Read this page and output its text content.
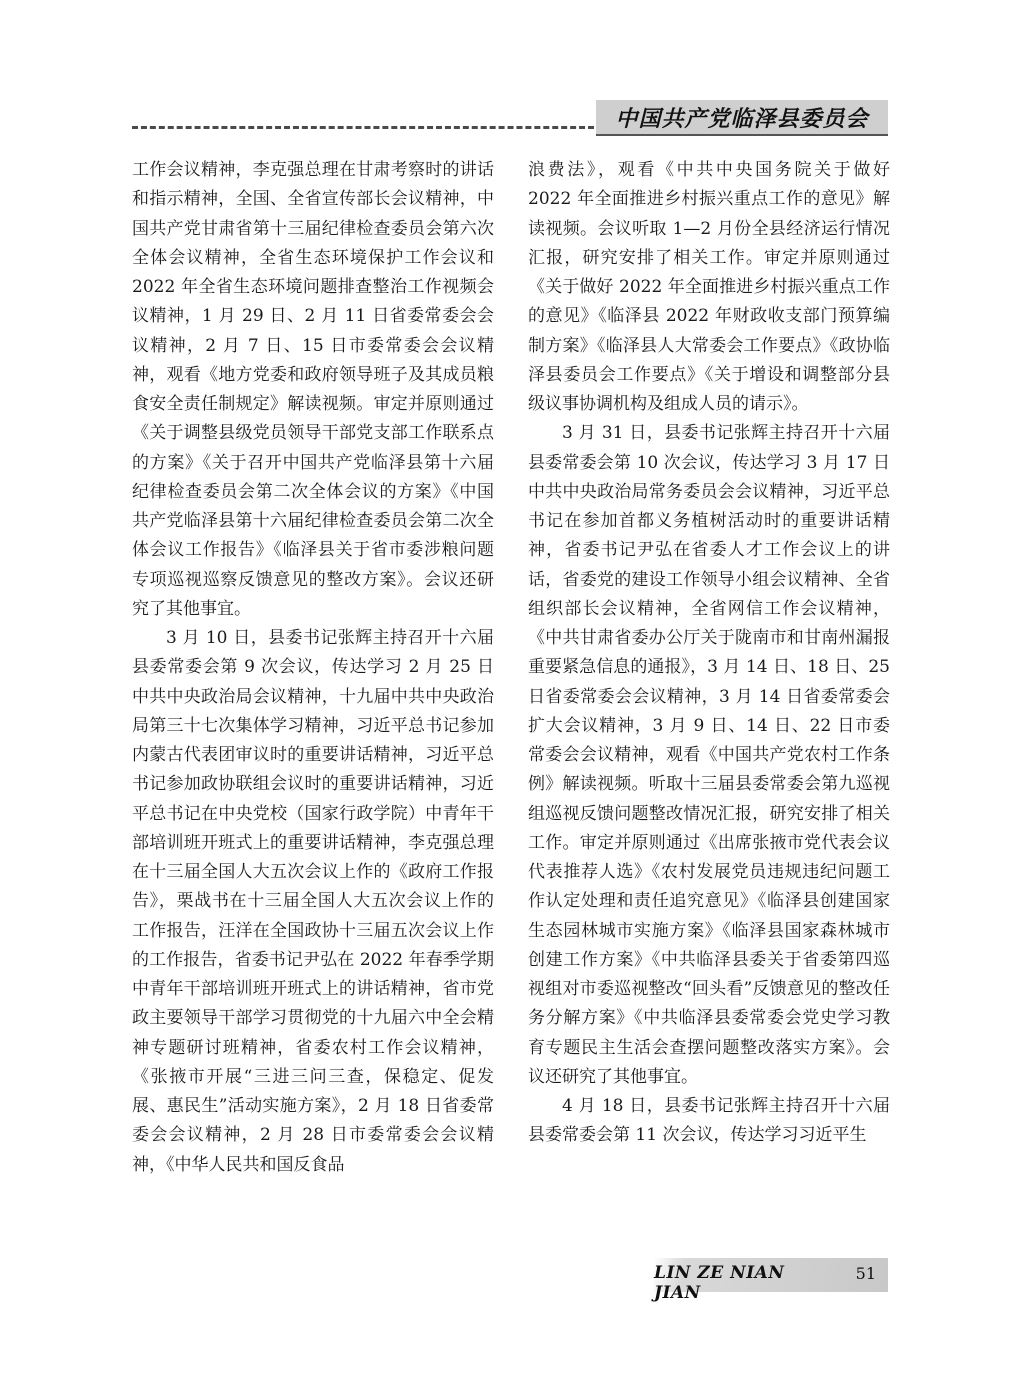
中国共产党临泽县委员会

工作会议精神，李克强总理在甘肃考察时的讲话和指示精神，全国、全省宣传部长会议精神，中国共产党甘肃省第十三届纪律检查委员会第六次全体会议精神，全省生态环境保护工作会议和 2022 年全省生态环境问题排查整治工作视频会议精神，1 月 29 日、2 月 11 日省委常委会会议精神，2 月 7 日、15 日市委常委会会议精神，观看《地方党委和政府领导班子及其成员粮食安全责任制规定》解读视频。审定并原则通过《关于调整县级党员领导干部党支部工作联系点的方案》《关于召开中国共产党临泽县第十六届纪律检查委员会第二次全体会议的方案》《中国共产党临泽县第十六届纪律检查委员会第二次全体会议工作报告》《临泽县关于省市委涉粮问题专项巡视巡察反馈意见的整改方案》。会议还研究了其他事宜。

3 月 10 日，县委书记张辉主持召开十六届县委常委会第 9 次会议，传达学习 2 月 25 日中共中央政治局会议精神，十九届中共中央政治局第三十七次集体学习精神，习近平总书记参加内蒙古代表团审议时的重要讲话精神，习近平总书记参加政协联组会议时的重要讲话精神，习近平总书记在中央党校（国家行政学院）中青年干部培训班开班式上的重要讲话精神，李克强总理在十三届全国人大五次会议上作的《政府工作报告》，栗战书在十三届全国人大五次会议上作的工作报告，汪洋在全国政协十三届五次会议上作的工作报告，省委书记尹弘在 2022 年春季学期中青年干部培训班开班式上的讲话精神，省市党政主要领导干部学习贯彻党的十九届六中全会精神专题研讨班精神，省委农村工作会议精神，《张掖市开展“三进三问三查，保稳定、促发展、惠民生”活动实施方案》，2 月 18 日省委常委会会议精神，2 月 28 日市委常委会会议精神，《中华人民共和国反食品

浪费法》，观看《中共中央国务院关于做好 2022 年全面推进乡村振兴重点工作的意见》解读视频。会议听取 1—2 月份全县经济运行情况汇报，研究安排了相关工作。审定并原则通过《关于做好 2022 年全面推进乡村振兴重点工作的意见》《临泽县 2022 年财政收支部门预算编制方案》《临泽县人大常委会工作要点》《政协临泽县委员会工作要点》《关于增设和调整部分县级议事协调机构及组成人员的请示》。

3 月 31 日，县委书记张辉主持召开十六届县委常委会第 10 次会议，传达学习 3 月 17 日中共中央政治局常务委员会会议精神，习近平总书记在参加首都义务植树活动时的重要讲话精神，省委书记尹弘在省委人才工作会议上的讲话，省委党的建设工作领导小组会议精神、全省组织部长会议精神，全省网信工作会议精神，《中共甘肃省委办公厅关于陇南市和甘南州漏报重要紧急信息的通报》，3 月 14 日、18 日、25 日省委常委会会议精神，3 月 14 日省委常委会扩大会议精神，3 月 9 日、14 日、22 日市委常委会会议精神，观看《中国共产党农村工作条例》解读视频。听取十三届县委常委会第九巡视组巡视反馈问题整改情况汇报，研究安排了相关工作。审定并原则通过《出席张掖市党代表会议代表推荐人选》《农村发展党员违规违纪问题工作认定处理和责任追究意见》《临泽县创建国家生态园林城市实施方案》《临泽县国家森林城市创建工作方案》《中共临泽县委关于省委第四巡视组对市委巡视整改“回头看”反馈意见的整改任务分解方案》《中共临泽县委常委会党史学习教育专题民主生活会查摆问题整改落实方案》。会议还研究了其他事宜。

4 月 18 日，县委书记张辉主持召开十六届县委常委会第 11 次会议，传达学习习近平生

LIN ZE NIAN JIAN
51
